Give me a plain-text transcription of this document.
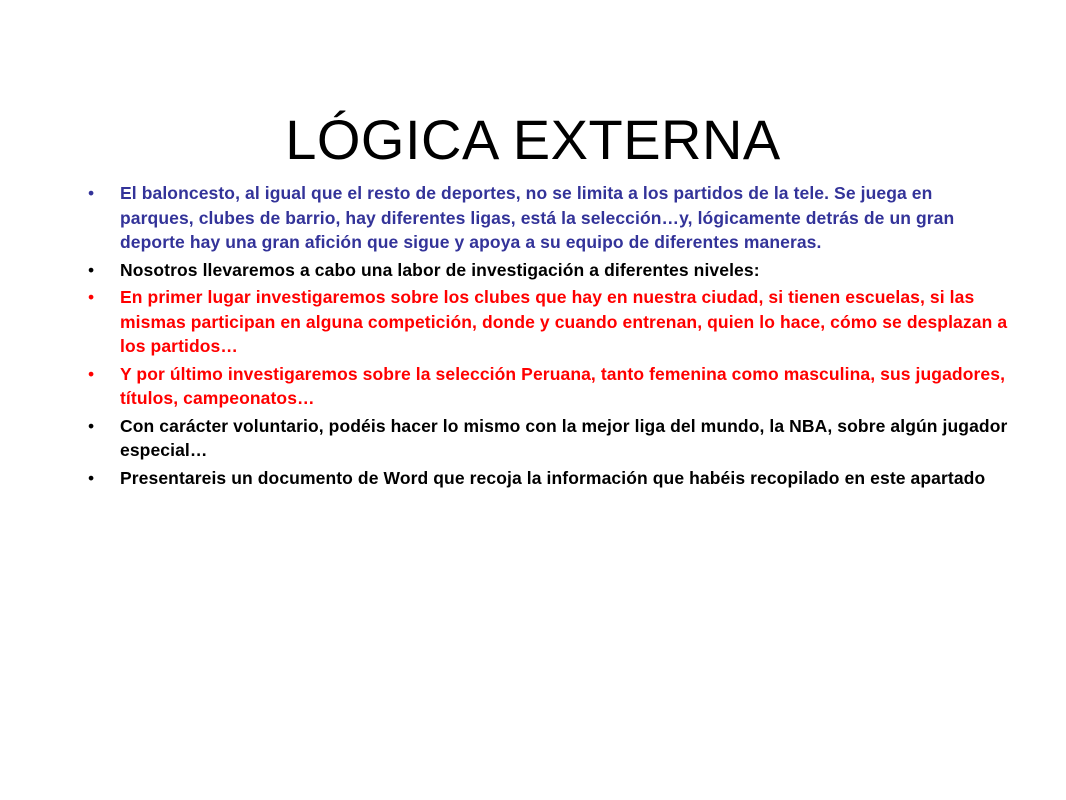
LÓGICA EXTERNA
•	El baloncesto, al igual que el resto de deportes, no se limita a los partidos de la tele. Se juega en parques, clubes de barrio, hay diferentes ligas, está la selección…y, lógicamente detrás de un gran deporte hay una gran afición que sigue y apoya a su equipo de diferentes maneras.
•	Nosotros llevaremos a cabo una labor de investigación a diferentes niveles:
•	En primer lugar investigaremos sobre los clubes que hay en nuestra ciudad, si tienen escuelas, si las mismas participan en alguna competición, donde y cuando entrenan, quien lo hace, cómo se desplazan a los partidos…
•	Y por último investigaremos sobre la selección Peruana, tanto femenina como masculina, sus jugadores, títulos, campeonatos…
•	Con carácter voluntario, podéis hacer lo mismo con la mejor liga del mundo, la NBA, sobre algún jugador especial…
•	Presentareis un documento de Word que recoja la información que habéis recopilado en este apartado
